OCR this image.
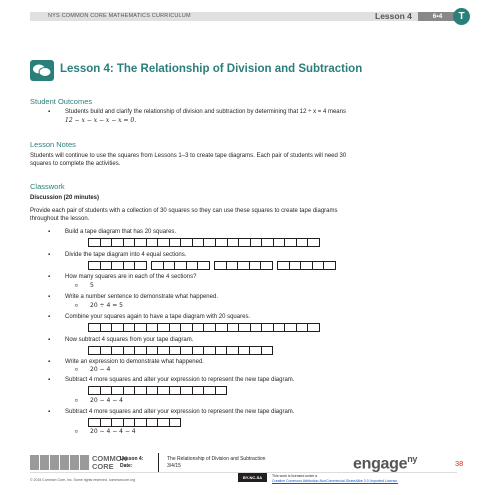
NYS COMMON CORE MATHEMATICS CURRICULUM	Lesson 4	6•4	T
Lesson 4: The Relationship of Division and Subtraction
Student Outcomes
▪ Students build and clarify the relationship of division and subtraction by determining that 12 ÷ x = 4 means
12 − x − x − x − x = 0.
Lesson Notes
Students will continue to use the squares from Lessons 1–3 to create tape diagrams. Each pair of students will need 30
squares to complete the activities.
Classwork
Discussion (20 minutes)
Provide each pair of students with a collection of 30 squares so they can use these squares to create tape diagrams
throughout the lesson.
▪ Build a tape diagram that has 20 squares.
▪ Divide the tape diagram into 4 equal sections.
▪ How many squares are in each of the 4 sections?
¤ 5
▪ Write a number sentence to demonstrate what happened.
¤ 20 ÷ 4 = 5
▪ Combine your squares again to have a tape diagram with 20 squares.
▪ Now subtract 4 squares from your tape diagram.
▪ Write an expression to demonstrate what happened.
¤ 20 − 4
▪ Subtract 4 more squares and alter your expression to represent the new tape diagram.
¤ 20 − 4 − 4
▪ Subtract 4 more squares and alter your expression to represent the new tape diagram.
¤ 20 − 4 − 4 − 4
COMMON
CORE
Lesson 4:
Date:
The Relationship of Division and Subtraction
3/4/15
© 2015 Common Core, Inc. Some rights reserved. commoncore.org	BY-NC-SA	This work is licensed under a
Creative Commons Attribution-NonCommercial-ShareAlike 3.0 Unported License.
engage$^{ny}$	38
